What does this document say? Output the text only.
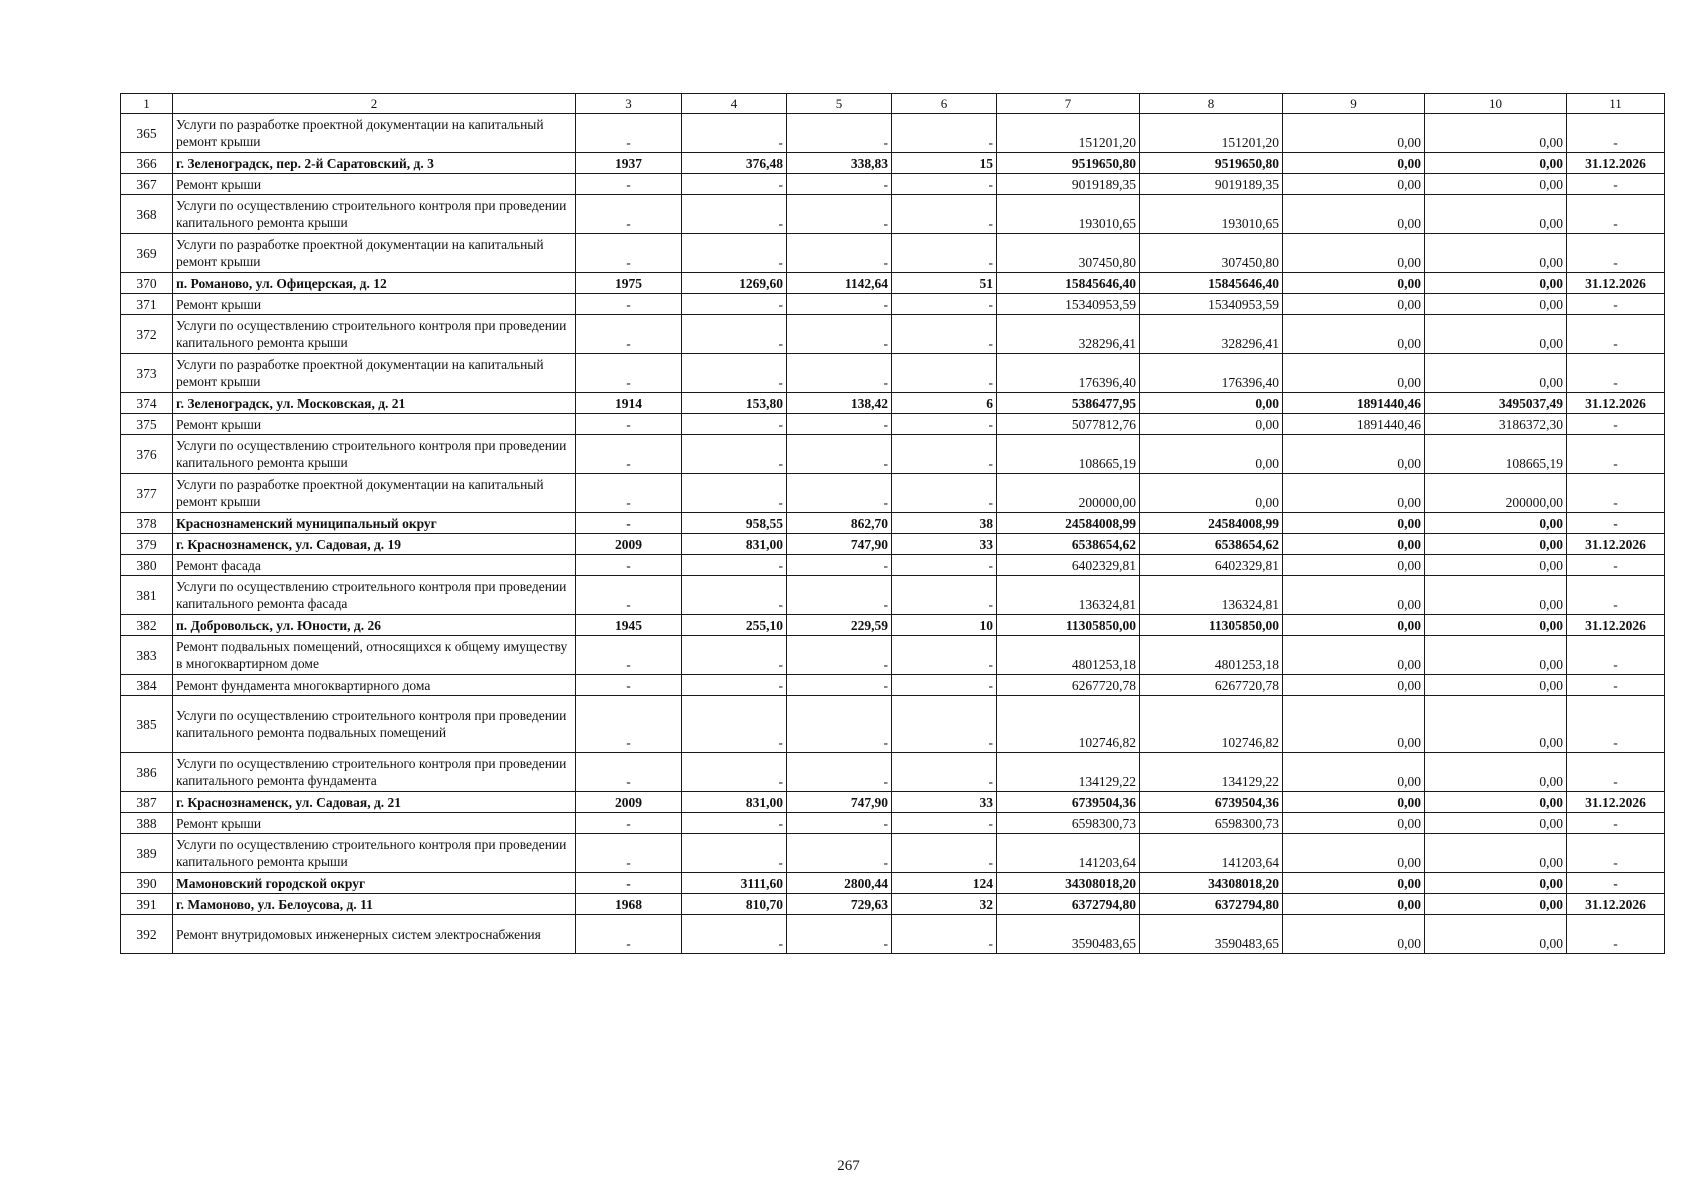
1	2	3	4	5	6	7	8	9	10	11
365	Услуги по разработке проектной документации на капитальный ремонт крыши	-	-	-	-	151201,20	151201,20	0,00	0,00	-
366	г. Зеленоградск, пер. 2-й Саратовский, д. 3	1937	376,48	338,83	15	9519650,80	9519650,80	0,00	0,00	31.12.2026
367	Ремонт крыши	-	-	-	-	9019189,35	9019189,35	0,00	0,00	-
368	Услуги по осуществлению строительного контроля при проведении капитального ремонта крыши	-	-	-	-	193010,65	193010,65	0,00	0,00	-
369	Услуги по разработке проектной документации на капитальный ремонт крыши	-	-	-	-	307450,80	307450,80	0,00	0,00	-
370	п. Романово, ул. Офицерская, д. 12	1975	1269,60	1142,64	51	15845646,40	15845646,40	0,00	0,00	31.12.2026
371	Ремонт крыши	-	-	-	-	15340953,59	15340953,59	0,00	0,00	-
372	Услуги по осуществлению строительного контроля при проведении капитального ремонта крыши	-	-	-	-	328296,41	328296,41	0,00	0,00	-
373	Услуги по разработке проектной документации на капитальный ремонт крыши	-	-	-	-	176396,40	176396,40	0,00	0,00	-
374	г. Зеленоградск, ул. Московская, д. 21	1914	153,80	138,42	6	5386477,95	0,00	1891440,46	3495037,49	31.12.2026
375	Ремонт крыши	-	-	-	-	5077812,76	0,00	1891440,46	3186372,30	-
376	Услуги по осуществлению строительного контроля при проведении капитального ремонта крыши	-	-	-	-	108665,19	0,00	0,00	108665,19	-
377	Услуги по разработке проектной документации на капитальный ремонт крыши	-	-	-	-	200000,00	0,00	0,00	200000,00	-
378	Краснознаменский муниципальный округ	-	958,55	862,70	38	24584008,99	24584008,99	0,00	0,00	-
379	г. Краснознаменск, ул. Садовая, д. 19	2009	831,00	747,90	33	6538654,62	6538654,62	0,00	0,00	31.12.2026
380	Ремонт фасада	-	-	-	-	6402329,81	6402329,81	0,00	0,00	-
381	Услуги по осуществлению строительного контроля при проведении капитального ремонта фасада	-	-	-	-	136324,81	136324,81	0,00	0,00	-
382	п. Добровольск, ул. Юности, д. 26	1945	255,10	229,59	10	11305850,00	11305850,00	0,00	0,00	31.12.2026
383	Ремонт подвальных помещений, относящихся к общему имуществу в многоквартирном доме	-	-	-	-	4801253,18	4801253,18	0,00	0,00	-
384	Ремонт фундамента многоквартирного дома	-	-	-	-	6267720,78	6267720,78	0,00	0,00	-
385	Услуги по осуществлению строительного контроля при проведении капитального ремонта подвальных помещений	-	-	-	-	102746,82	102746,82	0,00	0,00	-
386	Услуги по осуществлению строительного контроля при проведении капитального ремонта фундамента	-	-	-	-	134129,22	134129,22	0,00	0,00	-
387	г. Краснознаменск, ул. Садовая, д. 21	2009	831,00	747,90	33	6739504,36	6739504,36	0,00	0,00	31.12.2026
388	Ремонт крыши	-	-	-	-	6598300,73	6598300,73	0,00	0,00	-
389	Услуги по осуществлению строительного контроля при проведении капитального ремонта крыши	-	-	-	-	141203,64	141203,64	0,00	0,00	-
390	Мамоновский городской округ	-	3111,60	2800,44	124	34308018,20	34308018,20	0,00	0,00	-
391	г. Мамоново, ул. Белоусова, д. 11	1968	810,70	729,63	32	6372794,80	6372794,80	0,00	0,00	31.12.2026
392	Ремонт внутридомовых инженерных систем электроснабжения	-	-	-	-	3590483,65	3590483,65	0,00	0,00	-
267
